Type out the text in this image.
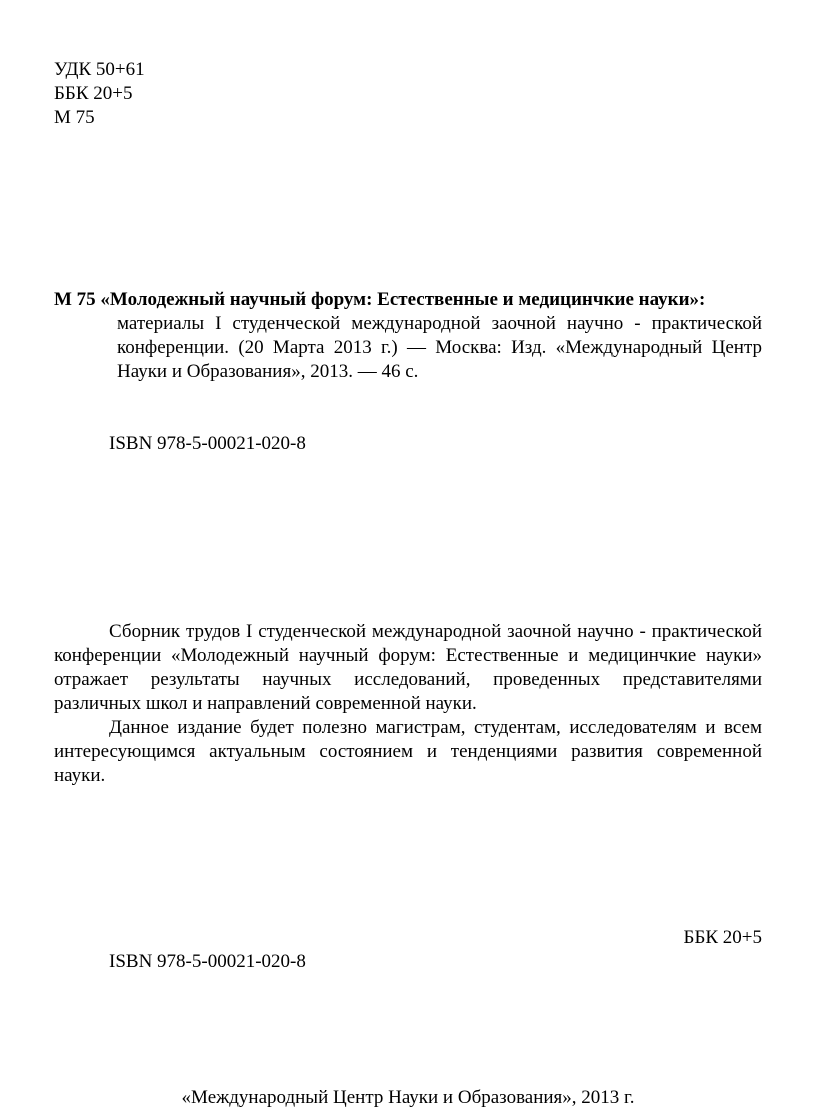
УДК 50+61
ББК 20+5
М 75
М 75 «Молодежный научный форум: Естественные и медицинчкие науки»:
материалы I студенческой международной заочной научно - практической конференции. (20 Марта 2013 г.) — Москва: Изд. «Международный Центр Науки и Образования», 2013. — 46 с.
ISBN 978-5-00021-020-8

Сборник трудов I студенческой международной заочной научно - практической конференции «Молодежный научный форум: Естественные и медицинчкие науки» отражает результаты научных исследований, проведенных представителями различных школ и направлений современной науки.

Данное издание будет полезно магистрам, студентам, исследователям и всем интересующимся актуальным состоянием и тенденциями развития современной науки.

ББК 20+5
ISBN 978-5-00021-020-8
«Международный Центр Науки и Образования», 2013 г.
